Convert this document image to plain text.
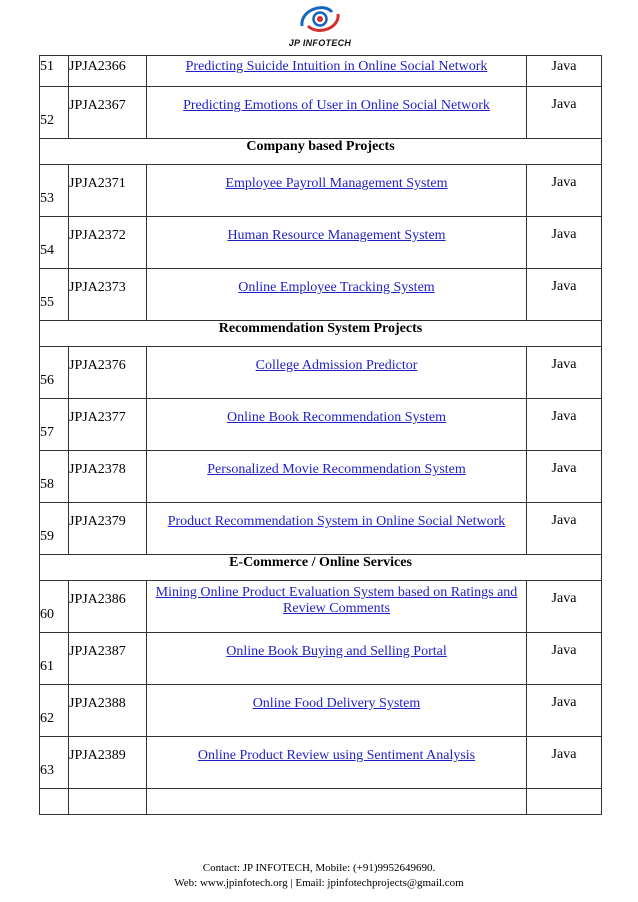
JP INFOTECH
51	JPJA2366	Predicting Suicide Intuition in Online Social Network	Java
52	JPJA2367	Predicting Emotions of User in Online Social Network	Java
Company based Projects			
53	JPJA2371	Employee Payroll Management System	Java
54	JPJA2372	Human Resource Management System	Java
55	JPJA2373	Online Employee Tracking System	Java
Recommendation System Projects			
56	JPJA2376	College Admission Predictor	Java
57	JPJA2377	Online Book Recommendation System	Java
58	JPJA2378	Personalized Movie Recommendation System	Java
59	JPJA2379	Product Recommendation System in Online Social Network	Java
E-Commerce / Online Services			
60	JPJA2386	Mining Online Product Evaluation System based on Ratings and Review Comments	Java
61	JPJA2387	Online Book Buying and Selling Portal	Java
62	JPJA2388	Online Food Delivery System	Java
63	JPJA2389	Online Product Review using Sentiment Analysis	Java

Contact: JP INFOTECH, Mobile: (+91)9952649690.
Web: www.jpinfotech.org | Email: jpinfotechprojects@gmail.com
